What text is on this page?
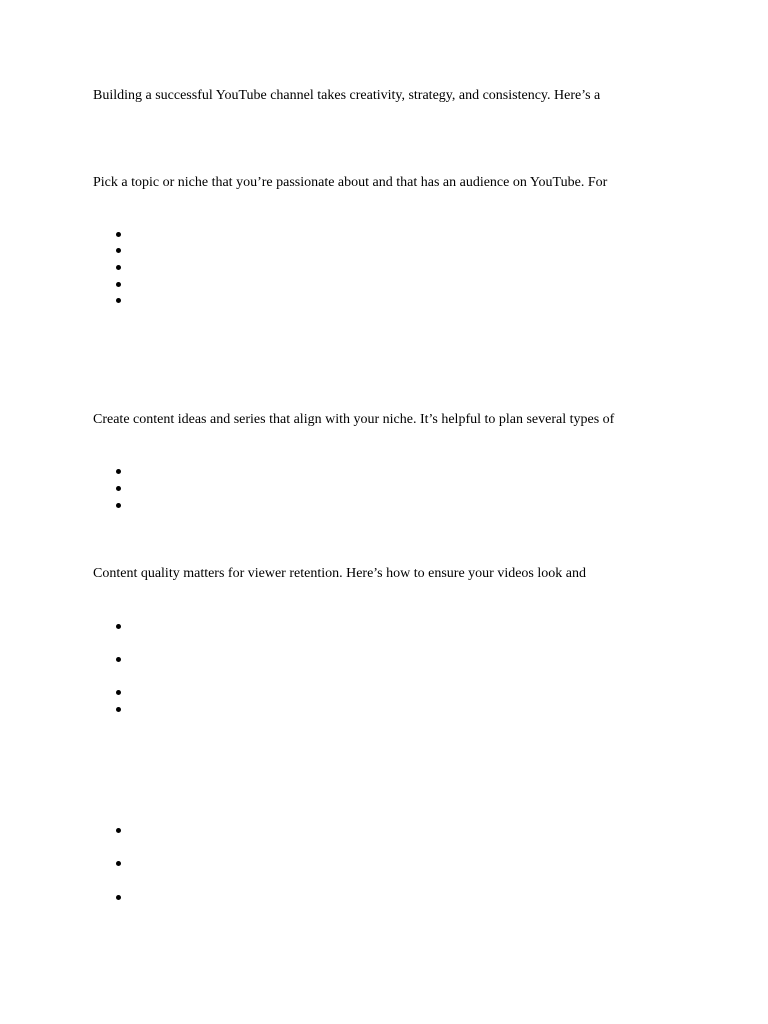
Building a successful YouTube channel takes creativity, strategy, and consistency. Here’s a

Pick a topic or niche that you’re passionate about and that has an audience on YouTube. For

Create content ideas and series that align with your niche. It’s helpful to plan several types of

Content quality matters for viewer retention. Here’s how to ensure your videos look and
